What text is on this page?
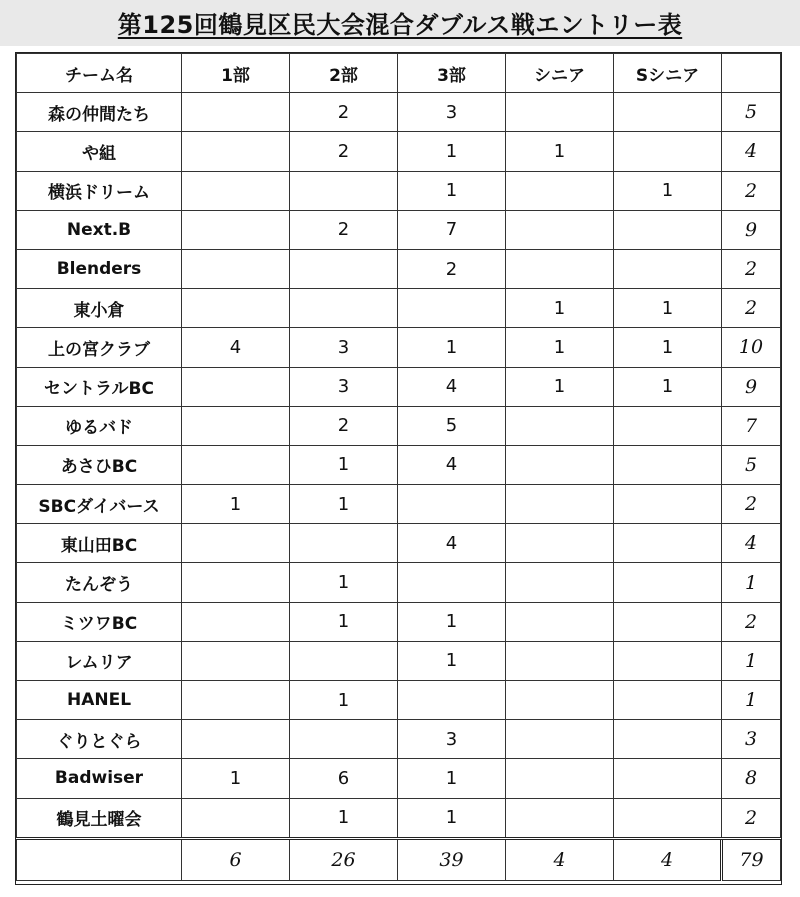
第125回鶴見区民大会混合ダブルス戦エントリー表
チーム名	1部	2部	3部	シニア	Sシニア	
森の仲間たち		2	3			5
や組		2	1	1		4
横浜ドリーム			1		1	2
Next.B		2	7			9
Blenders			2			2
東小倉				1	1	2
上の宮クラブ	4	3	1	1	1	10
セントラルBC		3	4	1	1	9
ゆるバド		2	5			7
あさひBC		1	4			5
SBCダイバース	1	1				2
東山田BC			4			4
たんぞう		1				1
ミツワBC		1	1			2
レムリア			1			1
HANEL		1				1
ぐりとぐら			3			3
Badwiser	1	6	1			8
鶴見土曜会		1	1			2
	6	26	39	4	4	79
